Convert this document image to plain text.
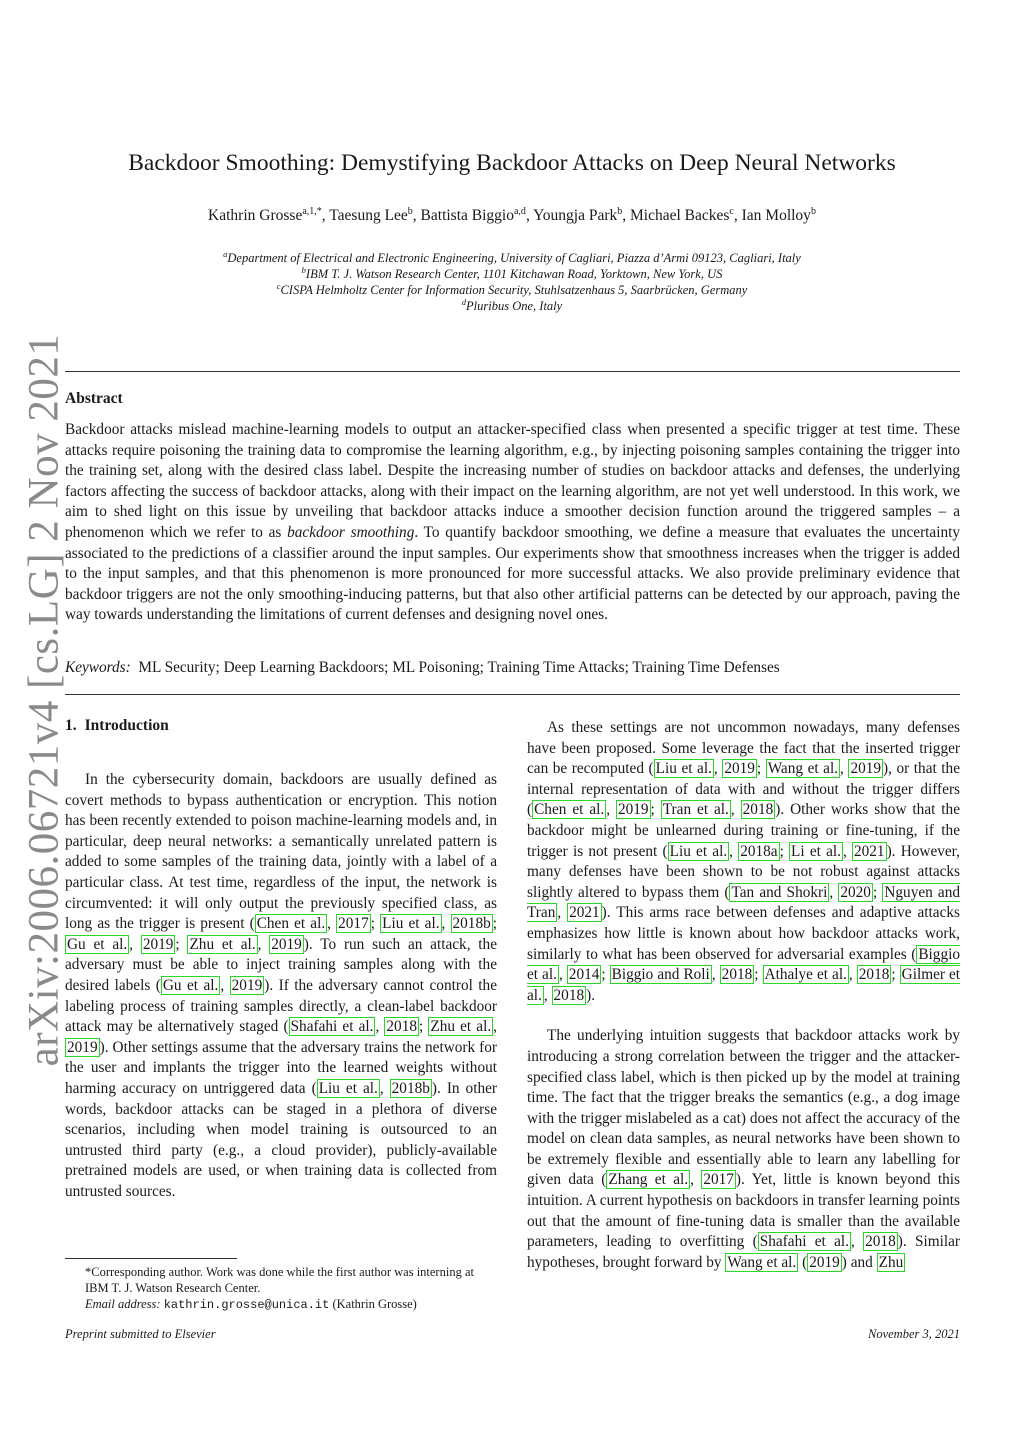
arXiv:2006.06721v4 [cs.LG] 2 Nov 2021
Backdoor Smoothing: Demystifying Backdoor Attacks on Deep Neural Networks
Kathrin Grosse$^{a,1,*}$, Taesung Lee$^b$, Battista Biggio$^{a,d}$, Youngja Park$^b$, Michael Backes$^c$, Ian Molloy$^b$
$^a$Department of Electrical and Electronic Engineering, University of Cagliari, Piazza d’Armi 09123, Cagliari, Italy
$^b$IBM T. J. Watson Research Center, 1101 Kitchawan Road, Yorktown, New York, US
$^c$CISPA Helmholtz Center for Information Security, Stuhlsatzenhaus 5, Saarbrücken, Germany
$^d$Pluribus One, Italy
Abstract

Backdoor attacks mislead machine-learning models to output an attacker-specified class when presented a specific trigger at test time. These attacks require poisoning the training data to compromise the learning algorithm, e.g., by injecting poisoning samples containing the trigger into the training set, along with the desired class label. Despite the increasing number of studies on backdoor attacks and defenses, the underlying factors affecting the success of backdoor attacks, along with their impact on the learning algorithm, are not yet well understood. In this work, we aim to shed light on this issue by unveiling that backdoor attacks induce a smoother decision function around the triggered samples – a phenomenon which we refer to as backdoor smoothing. To quantify backdoor smoothing, we define a measure that evaluates the uncertainty associated to the predictions of a classifier around the input samples. Our experiments show that smoothness increases when the trigger is added to the input samples, and that this phenomenon is more pronounced for more successful attacks. We also provide preliminary evidence that backdoor triggers are not the only smoothing-inducing patterns, but that also other artificial patterns can be detected by our approach, paving the way towards understanding the limitations of current defenses and designing novel ones.

Keywords: ML Security; Deep Learning Backdoors; ML Poisoning; Training Time Attacks; Training Time Defenses
1. Introduction

In the cybersecurity domain, backdoors are usually defined as covert methods to bypass authentication or encryption. This notion has been recently extended to poison machine-learning models and, in particular, deep neural networks: a semantically unrelated pattern is added to some samples of the training data, jointly with a label of a particular class. At test time, regardless of the input, the network is circumvented: it will only output the previously specified class, as long as the trigger is present ( Chen et al. , 2017 ; Liu et al. , 2018b ; Gu et al. , 2019 ; Zhu et al. , 2019 ). To run such an attack, the adversary must be able to inject training samples along with the desired labels ( Gu et al. , 2019 ). If the adversary cannot control the labeling process of training samples directly, a clean-label backdoor attack may be alternatively staged ( Shafahi et al. , 2018 ; Zhu et al. , 2019 ). Other settings assume that the adversary trains the network for the user and implants the trigger into the learned weights without harming accuracy on untriggered data ( Liu et al. , 2018b ). In other words, backdoor attacks can be staged in a plethora of diverse scenarios, including when model training is outsourced to an untrusted third party (e.g., a cloud provider), publicly-available pretrained models are used, or when training data is collected from untrusted sources.

As these settings are not uncommon nowadays, many defenses have been proposed. Some leverage the fact that the inserted trigger can be recomputed ( Liu et al. , 2019 ; Wang et al. , 2019 ), or that the internal representation of data with and without the trigger differs ( Chen et al. , 2019 ; Tran et al. , 2018 ). Other works show that the backdoor might be unlearned during training or fine-tuning, if the trigger is not present ( Liu et al. , 2018a ; Li et al. , 2021 ). However, many defenses have been shown to be not robust against attacks slightly altered to bypass them ( Tan and Shokri , 2020 ; Nguyen and Tran , 2021 ). This arms race between defenses and adaptive attacks emphasizes how little is known about how backdoor attacks work, similarly to what has been observed for adversarial examples ( Biggio et al. , 2014 ; Biggio and Roli , 2018 ; Athalye et al. , 2018 ; Gilmer et al. , 2018 ).

The underlying intuition suggests that backdoor attacks work by introducing a strong correlation between the trigger and the attacker-specified class label, which is then picked up by the model at training time. The fact that the trigger breaks the semantics (e.g., a dog image with the trigger mislabeled as a cat) does not affect the accuracy of the model on clean data samples, as neural networks have been shown to be extremely flexible and essentially able to learn any labelling for given data ( Zhang et al. , 2017 ). Yet, little is known beyond this intuition. A current hypothesis on backdoors in transfer learning points out that the amount of fine-tuning data is smaller than the available parameters, leading to overfitting ( Shafahi et al. , 2018 ). Similar hypotheses, brought forward by Wang et al. ( 2019 ) and Zhu

*Corresponding author. Work was done while the first author was interning at IBM T. J. Watson Research Center.

Email address: kathrin.grosse@unica.it (Kathrin Grosse)

Preprint submitted to Elsevier	November 3, 2021
